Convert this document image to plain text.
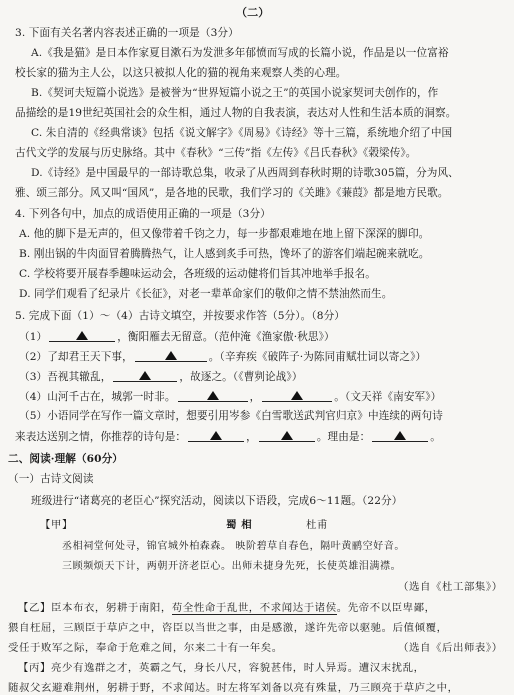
（二）
3. 下面有关名著内容表述正确的一项是（3分）
A.《我是猫》是日本作家夏目漱石为发泄多年郁愤而写成的长篇小说，作品是以一位富裕
校长家的猫为主人公，以这只被拟人化的猫的视角来观察人类的心理。
B.《契诃夫短篇小说选》是被誉为“世界短篇小说之王”的英国小说家契诃夫创作的，作
品描绘的是19世纪英国社会的众生相，通过人物的自我表演，表达对人性和生活本质的洞察。
C. 朱自清的《经典常谈》包括《说文解字》《周易》《诗经》等十三篇，系统地介绍了中国
古代文学的发展与历史脉络。其中《春秋》“三传”指《左传》《吕氏春秋》《榖梁传》。
D.《诗经》是中国最早的一部诗歌总集，收录了从西周到春秋时期的诗歌305篇，分为风、
雅、颂三部分。风又叫“国风”，是各地的民歌，我们学习的《关雎》《蒹葭》都是地方民歌。
4. 下列各句中，加点的成语使用正确的一项是（3分）
A. 他的脚下是无声的，但又像带着千钧之力，每一步都艰难地在地上留下深深的脚印。
B. 刚出锅的牛肉面冒着腾腾热气，让人感到炙手可热，馋坏了的游客们端起碗来就吃。
C. 学校将要开展春季趣味运动会，各班级的运动健将们旨其冲地举手报名。
D. 同学们观看了纪录片《长征》，对老一辈革命家们的敬仰之情不禁油然而生。
5. 完成下面（1）～（4）古诗文填空，并按要求作答（5分）。（8分）
（1）	，衡阳雁去无留意。（范仲淹《渔家傲·秋思》）
（2）了却君王天下事，	。（辛弃疾《破阵子·为陈同甫赋壮词以寄之》）
（3）吾视其辙乱，	，故逐之。（《曹刿论战》）
（4）山河千古在，城郭一时非。	，	。（文天祥《南安军》）
（5）小语同学在写作一篇文章时，想要引用岑参《白雪歌送武判官归京》中连续的两句诗
来表达送别之情，你推荐的诗句是：	，	。理由是：	。
二、阅读·理解（60分）
（一）古诗文阅读
班级进行“诸葛亮的老臣心”探究活动，阅读以下语段，完成6～11题。（22分）
【甲】	蜀 相	杜甫
丞相祠堂何处寻，锦官城外柏森森。 映阶碧草自春色，隔叶黄鹂空好音。
三顾频烦天下计，两朝开济老臣心。出师未捷身先死，长使英雄泪满襟。
（选自《杜工部集》）
【乙】臣本布衣，躬耕于南阳，苟全性命于乱世，不求闻达于诸侯。先帝不以臣卑鄙，
猥自枉屈，三顾臣于草庐之中，咨臣以当世之事，由是感激，遂许先帝以驱驰。后值倾覆，
受任于败军之际，奉命于危难之间，尔来二十有一年矣。	（选自《后出师表》）
【丙】亮少有逸群之才，英霸之气，身长八尺，容貌甚伟，时人异焉。遭汉末扰乱，
随叔父玄避难荆州，躬耕于野，不求闻达。时左将军刘备以亮有殊量，乃三顾亮于草庐之中，
